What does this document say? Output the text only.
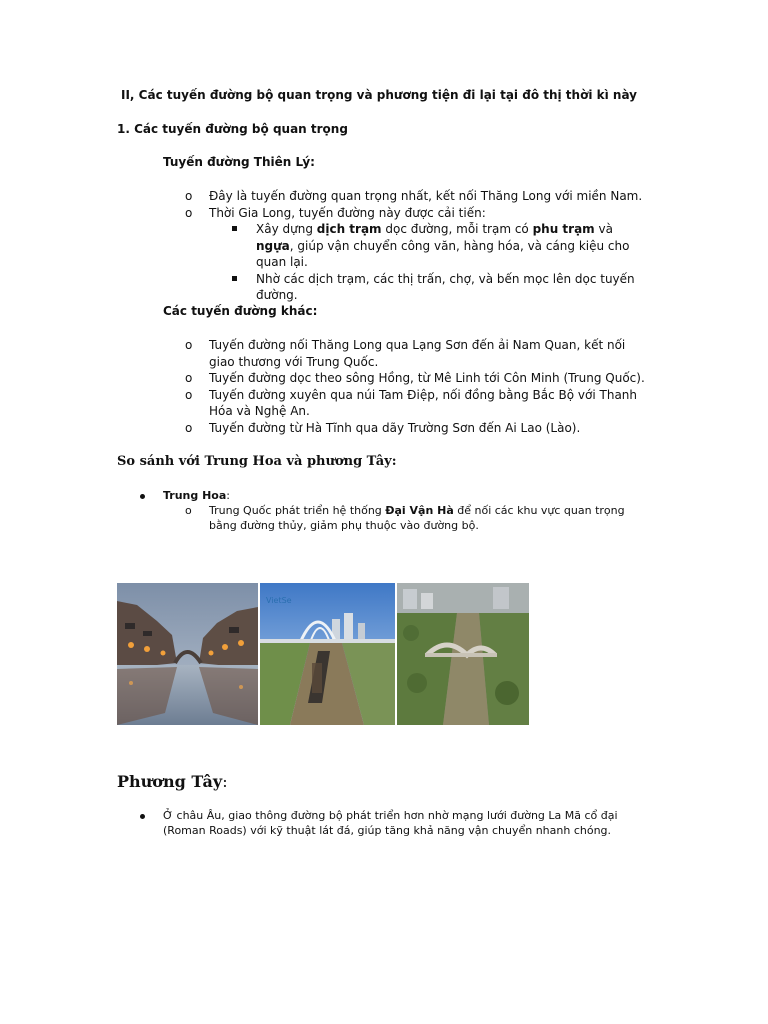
II, Các tuyến đường bộ quan trọng và phương tiện đi lại tại đô thị thời kì này

1. Các tuyến đường bộ quan trọng

Tuyến đường Thiên Lý:

o Đây là tuyến đường quan trọng nhất, kết nối Thăng Long với miền Nam.
o Thời Gia Long, tuyến đường này được cải tiến:
Xây dựng dịch trạm dọc đường, mỗi trạm có phu trạm và ngựa, giúp vận chuyển công văn, hàng hóa, và cáng kiệu cho quan lại.
Nhờ các dịch trạm, các thị trấn, chợ, và bến mọc lên dọc tuyến đường.

Các tuyến đường khác:

o Tuyến đường nối Thăng Long qua Lạng Sơn đến ải Nam Quan, kết nối giao thương với Trung Quốc.
o Tuyến đường dọc theo sông Hồng, từ Mê Linh tới Côn Minh (Trung Quốc).
o Tuyến đường xuyên qua núi Tam Điệp, nối đồng bằng Bắc Bộ với Thanh Hóa và Nghệ An.
o Tuyến đường từ Hà Tĩnh qua dãy Trường Sơn đến Ai Lao (Lào).

So sánh với Trung Hoa và phương Tây:

Trung Hoa:
o Trung Quốc phát triển hệ thống Đại Vận Hà để nối các khu vực quan trọng bằng đường thủy, giảm phụ thuộc vào đường bộ.
VietSe

Phương Tây:

Ở châu Âu, giao thông đường bộ phát triển hơn nhờ mạng lưới đường La Mã cổ đại (Roman Roads) với kỹ thuật lát đá, giúp tăng khả năng vận chuyển nhanh chóng.
